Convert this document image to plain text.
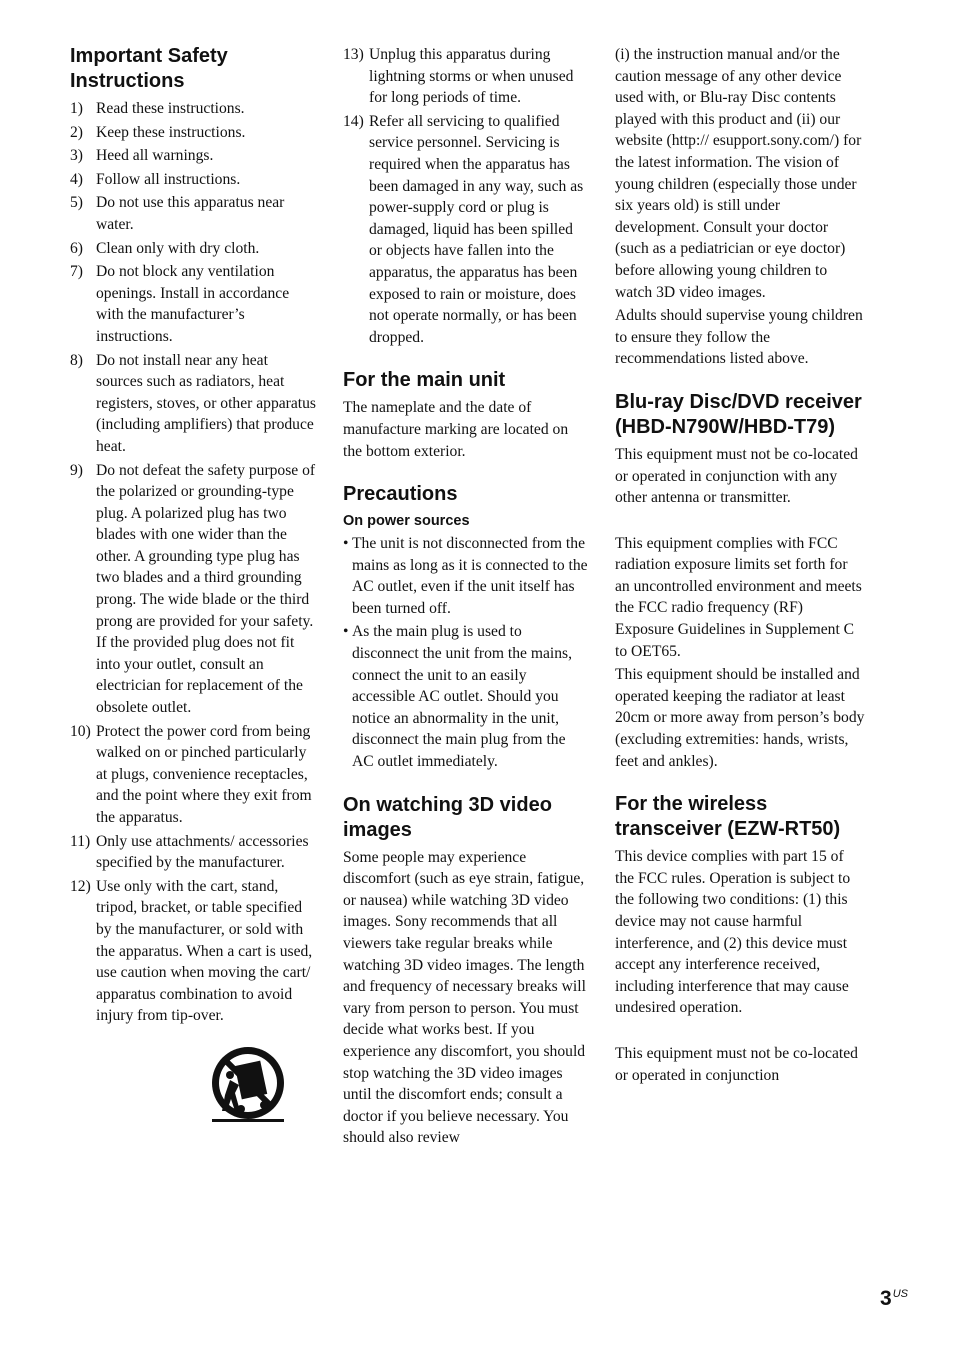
Important Safety Instructions
1) Read these instructions.
2) Keep these instructions.
3) Heed all warnings.
4) Follow all instructions.
5) Do not use this apparatus near water.
6) Clean only with dry cloth.
7) Do not block any ventilation openings. Install in accordance with the manufacturer’s instructions.
8) Do not install near any heat sources such as radiators, heat registers, stoves, or other apparatus (including amplifiers) that produce heat.
9) Do not defeat the safety purpose of the polarized or grounding-type plug. A polarized plug has two blades with one wider than the other. A grounding type plug has two blades and a third grounding prong. The wide blade or the third prong are provided for your safety. If the provided plug does not fit into your outlet, consult an electrician for replacement of the obsolete outlet.
10) Protect the power cord from being walked on or pinched particularly at plugs, convenience receptacles, and the point where they exit from the apparatus.
11) Only use attachments/ accessories specified by the manufacturer.
12) Use only with the cart, stand, tripod, bracket, or table specified by the manufacturer, or sold with the apparatus. When a cart is used, use caution when moving the cart/ apparatus combination to avoid injury from tip-over.
13) Unplug this apparatus during lightning storms or when unused for long periods of time.
14) Refer all servicing to qualified service personnel. Servicing is required when the apparatus has been damaged in any way, such as power-supply cord or plug is damaged, liquid has been spilled or objects have fallen into the apparatus, the apparatus has been exposed to rain or moisture, does not operate normally, or has been dropped.
For the main unit

The nameplate and the date of manufacture marking are located on the bottom exterior.

Precautions
On power sources
• The unit is not disconnected from the mains as long as it is connected to the AC outlet, even if the unit itself has been turned off.
• As the main plug is used to disconnect the unit from the mains, connect the unit to an easily accessible AC outlet. Should you notice an abnormality in the unit, disconnect the main plug from the AC outlet immediately.
On watching 3D video images

Some people may experience discomfort (such as eye strain, fatigue, or nausea) while watching 3D video images. Sony recommends that all viewers take regular breaks while watching 3D video images. The length and frequency of necessary breaks will vary from person to person. You must decide what works best. If you experience any discomfort, you should stop watching the 3D video images until the discomfort ends; consult a doctor if you believe necessary. You should also review

(i) the instruction manual and/or the caution message of any other device used with, or Blu-ray Disc contents played with this product and (ii) our website (http:// esupport.sony.com/) for the latest information. The vision of young children (especially those under six years old) is still under development. Consult your doctor (such as a pediatrician or eye doctor) before allowing young children to watch 3D video images.

Adults should supervise young children to ensure they follow the recommendations listed above.

Blu-ray Disc/DVD receiver (HBD-N790W/HBD-T79)

This equipment must not be co-located or operated in conjunction with any other antenna or transmitter.

This equipment complies with FCC radiation exposure limits set forth for an uncontrolled environment and meets the FCC radio frequency (RF) Exposure Guidelines in Supplement C to OET65.

This equipment should be installed and operated keeping the radiator at least 20cm or more away from person’s body (excluding extremities: hands, wrists, feet and ankles).

For the wireless transceiver (EZW-RT50)

This device complies with part 15 of the FCC rules. Operation is subject to the following two conditions: (1) this device may not cause harmful interference, and (2) this device must accept any interference received, including interference that may cause undesired operation.

This equipment must not be co-located or operated in conjunction

$3^{US}$
